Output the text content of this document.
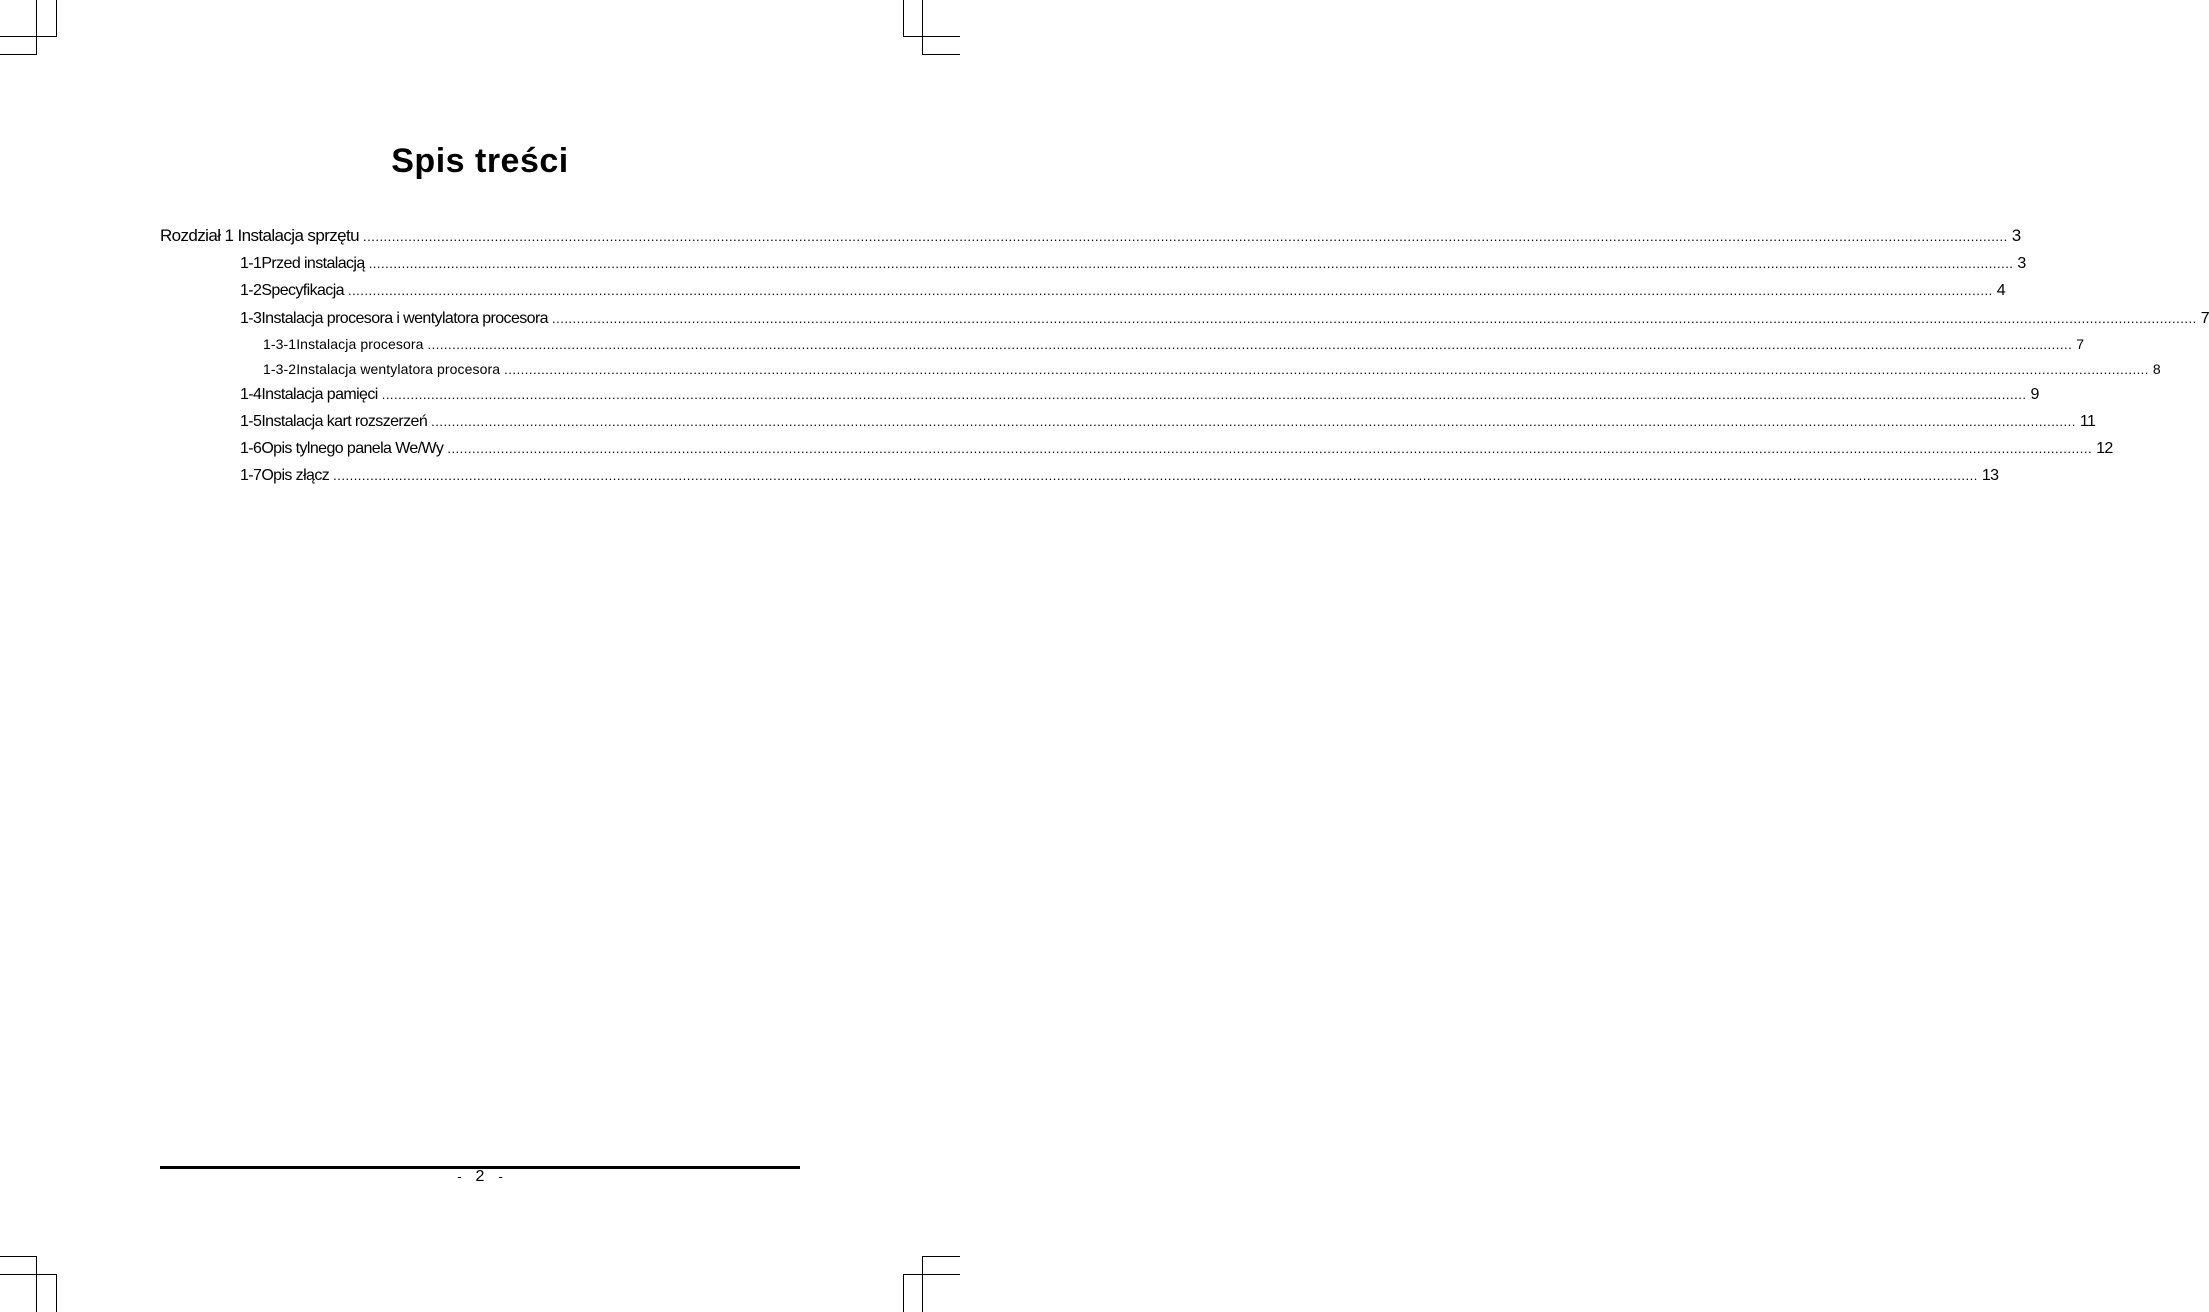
Spis treści
Rozdział 1 Instalacja sprzętu ................................................................................................................................................................................................................................................................................................................................................................................................................ 3
1-1 Przed instalacją ................................................................................................................................................................................................................................................................................................................................................................................................................ 3
1-2 Specyfikacja ................................................................................................................................................................................................................................................................................................................................................................................................................ 4
1-3 Instalacja procesora i wentylatora procesora ................................................................................................................................................................................................................................................................................................................................................................................................................ 7
1-3-1 Instalacja procesora ................................................................................................................................................................................................................................................................................................................................................................................................................ 7
1-3-2 Instalacja wentylatora procesora ................................................................................................................................................................................................................................................................................................................................................................................................................ 8
1-4 Instalacja pamięci ................................................................................................................................................................................................................................................................................................................................................................................................................ 9
1-5 Instalacja kart rozszerzeń ................................................................................................................................................................................................................................................................................................................................................................................................................ 11
1-6 Opis tylnego panela We/Wy ................................................................................................................................................................................................................................................................................................................................................................................................................ 12
1-7 Opis złącz ................................................................................................................................................................................................................................................................................................................................................................................................................ 13
- 2 -
